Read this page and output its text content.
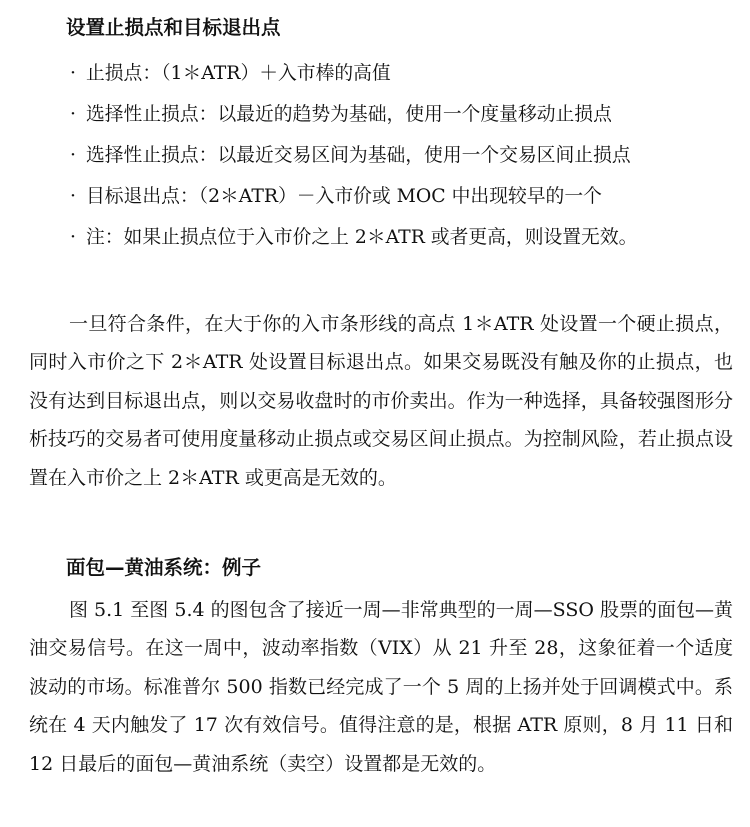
设置止损点和目标退出点
· 止损点：（1＊ATR）＋入市棒的高值
· 选择性止损点：以最近的趋势为基础，使用一个度量移动止损点
· 选择性止损点：以最近交易区间为基础，使用一个交易区间止损点
· 目标退出点：（2＊ATR）－入市价或 MOC 中出现较早的一个
· 注：如果止损点位于入市价之上 2＊ATR 或者更高，则设置无效。

一旦符合条件，在大于你的入市条形线的高点 1＊ATR 处设置一个硬止损点，同时入市价之下 2＊ATR 处设置目标退出点。如果交易既没有触及你的止损点，也没有达到目标退出点，则以交易收盘时的市价卖出。作为一种选择，具备较强图形分析技巧的交易者可使用度量移动止损点或交易区间止损点。为控制风险，若止损点设置在入市价之上 2＊ATR 或更高是无效的。

面包—黄油系统：例子

图 5.1 至图 5.4 的图包含了接近一周—非常典型的一周—SSO 股票的面包—黄油交易信号。在这一周中，波动率指数（VIX）从 21 升至 28，这象征着一个适度波动的市场。标准普尔 500 指数已经完成了一个 5 周的上扬并处于回调模式中。系统在 4 天内触发了 17 次有效信号。值得注意的是，根据 ATR 原则，8 月 11 日和 12 日最后的面包—黄油系统（卖空）设置都是无效的。
